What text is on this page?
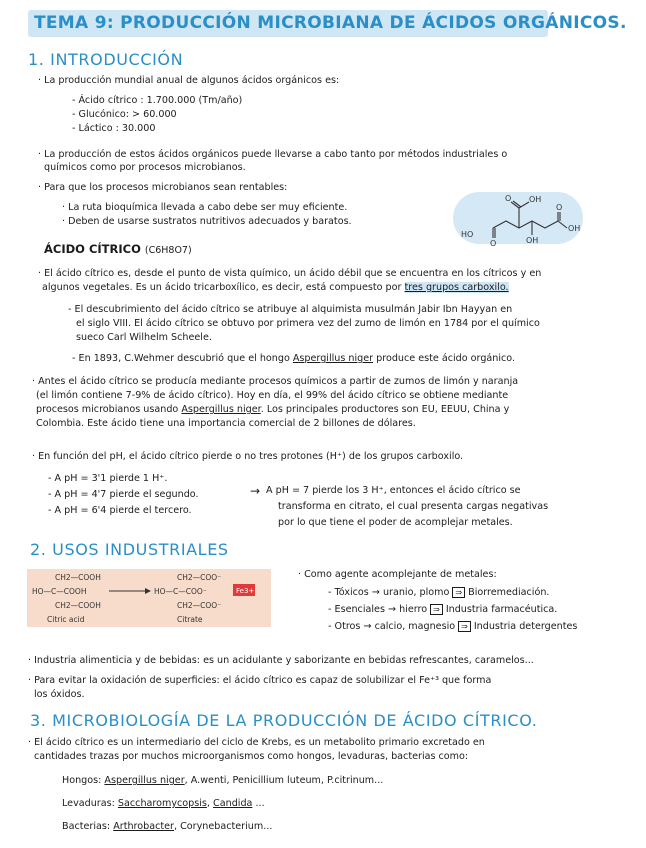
TEMA 9: PRODUCCIÓN MICROBIANA DE ÁCIDOS ORGÁNICOS.
1. INTRODUCCIÓN
· La producción mundial anual de algunos ácidos orgánicos es:
- Ácido cítrico : 1.700.000 (Tm/año)
- Glucónico: > 60.000
- Láctico : 30.000
· La producción de estos ácidos orgánicos puede llevarse a cabo tanto por métodos industriales o
químicos como por procesos microbianos.
· Para que los procesos microbianos sean rentables:
· La ruta bioquímica llevada a cabo debe ser muy eficiente.
· Deben de usarse sustratos nutritivos adecuados y baratos.
O OH
HO
O	OH
OH
O
ÁCIDO CÍTRICO (C6H8O7)
· El ácido cítrico es, desde el punto de vista químico, un ácido débil que se encuentra en los cítricos y en
algunos vegetales. Es un ácido tricarboxílico, es decir, está compuesto por tres grupos carboxilo.
- El descubrimiento del ácido cítrico se atribuye al alquimista musulmán Jabir Ibn Hayyan en
el siglo VIII. El ácido cítrico se obtuvo por primera vez del zumo de limón en 1784 por el químico
sueco Carl Wilhelm Scheele.
- En 1893, C.Wehmer descubrió que el hongo Aspergillus niger produce este ácido orgánico.
· Antes el ácido cítrico se producía mediante procesos químicos a partir de zumos de limón y naranja
(el limón contiene 7-9% de ácido cítrico). Hoy en día, el 99% del ácido cítrico se obtiene mediante
procesos microbianos usando Aspergillus niger. Los principales productores son EU, EEUU, China y
Colombia. Este ácido tiene una importancia comercial de 2 billones de dólares.
· En función del pH, el ácido cítrico pierde o no tres protones (H⁺) de los grupos carboxilo.
- A pH = 3'1 pierde 1 H⁺.
- A pH = 4'7 pierde el segundo.
- A pH = 6'4 pierde el tercero.
→ A pH = 7 pierde los 3 H⁺, entonces el ácido cítrico se
transforma en citrato, el cual presenta cargas negativas
por lo que tiene el poder de acomplejar metales.
2. USOS INDUSTRIALES
CH2—COOH
HO—C—COOH
CH2—COOH
Citric acid
CH2—COO⁻
HO—C—COO⁻
CH2—COO⁻
Citrate
Fe3+
· Como agente acomplejante de metales:
- Tóxicos → uranio, plomo ⇒ Biorremediación.
- Esenciales → hierro ⇒ Industria farmacéutica.
- Otros → calcio, magnesio ⇒ Industria detergentes
· Industria alimenticia y de bebidas: es un acidulante y saborizante en bebidas refrescantes, caramelos...
· Para evitar la oxidación de superficies: el ácido cítrico es capaz de solubilizar el Fe⁺³ que forma
los óxidos.
3. MICROBIOLOGÍA DE LA PRODUCCIÓN DE ÁCIDO CÍTRICO.
· El ácido cítrico es un intermediario del ciclo de Krebs, es un metabolito primario excretado en
cantidades trazas por muchos microorganismos como hongos, levaduras, bacterias como:
Hongos: Aspergillus niger, A.wenti, Penicillium luteum, P.citrinum...
Levaduras: Saccharomycopsis, Candida ...
Bacterias: Arthrobacter, Corynebacterium...
